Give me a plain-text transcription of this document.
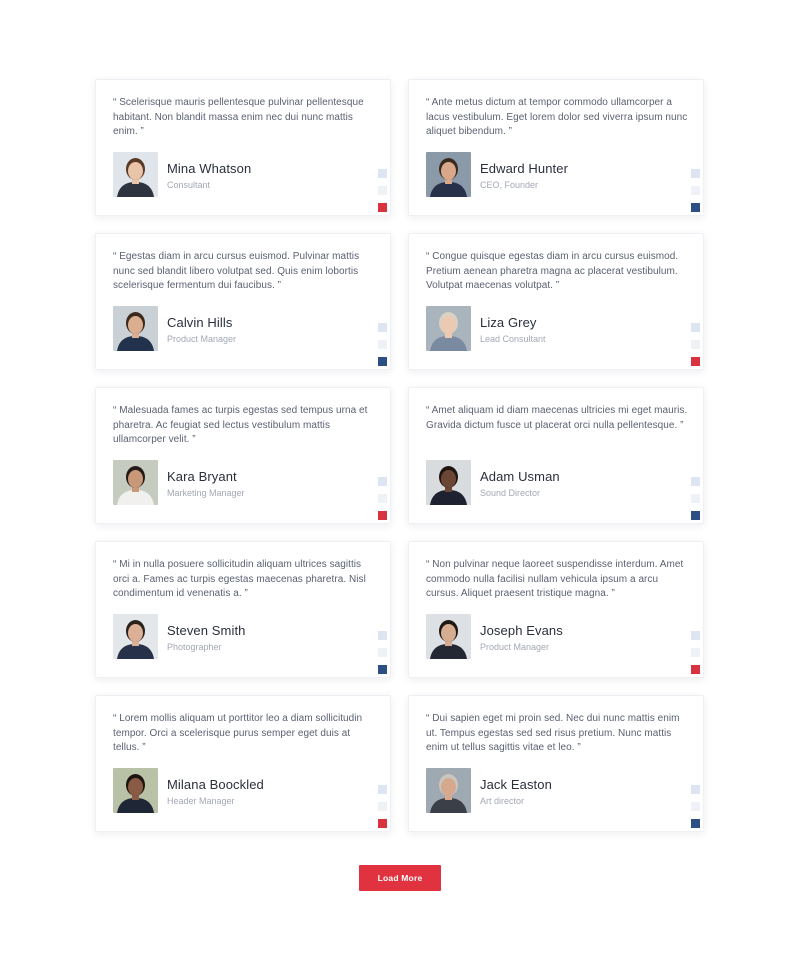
“ Scelerisque mauris pellentesque pulvinar pellentesque habitant. Non blandit massa enim nec dui nunc mattis enim. ”

Mina Whatson
Consultant

“ Ante metus dictum at tempor commodo ullamcorper a lacus vestibulum. Eget lorem dolor sed viverra ipsum nunc aliquet bibendum. ”

Edward Hunter
CEO, Founder

“ Egestas diam in arcu cursus euismod. Pulvinar mattis nunc sed blandit libero volutpat sed. Quis enim lobortis scelerisque fermentum dui faucibus. ”

Calvin Hills
Product Manager

“ Congue quisque egestas diam in arcu cursus euismod. Pretium aenean pharetra magna ac placerat vestibulum. Volutpat maecenas volutpat. ”

Liza Grey
Lead Consultant

“ Malesuada fames ac turpis egestas sed tempus urna et pharetra. Ac feugiat sed lectus vestibulum mattis ullamcorper velit. ”

Kara Bryant
Marketing Manager

“ Amet aliquam id diam maecenas ultricies mi eget mauris. Gravida dictum fusce ut placerat orci nulla pellentesque. ”

Adam Usman
Sound Director

“ Mi in nulla posuere sollicitudin aliquam ultrices sagittis orci a. Fames ac turpis egestas maecenas pharetra. Nisl condimentum id venenatis a. ”

Steven Smith
Photographer

“ Non pulvinar neque laoreet suspendisse interdum. Amet commodo nulla facilisi nullam vehicula ipsum a arcu cursus. Aliquet praesent tristique magna. ”

Joseph Evans
Product Manager

“ Lorem mollis aliquam ut porttitor leo a diam sollicitudin tempor. Orci a scelerisque purus semper eget duis at tellus. ”

Milana Boockled
Header Manager

“ Dui sapien eget mi proin sed. Nec dui nunc mattis enim ut. Tempus egestas sed sed risus pretium. Nunc mattis enim ut tellus sagittis vitae et leo. ”

Jack Easton
Art director
Load More
